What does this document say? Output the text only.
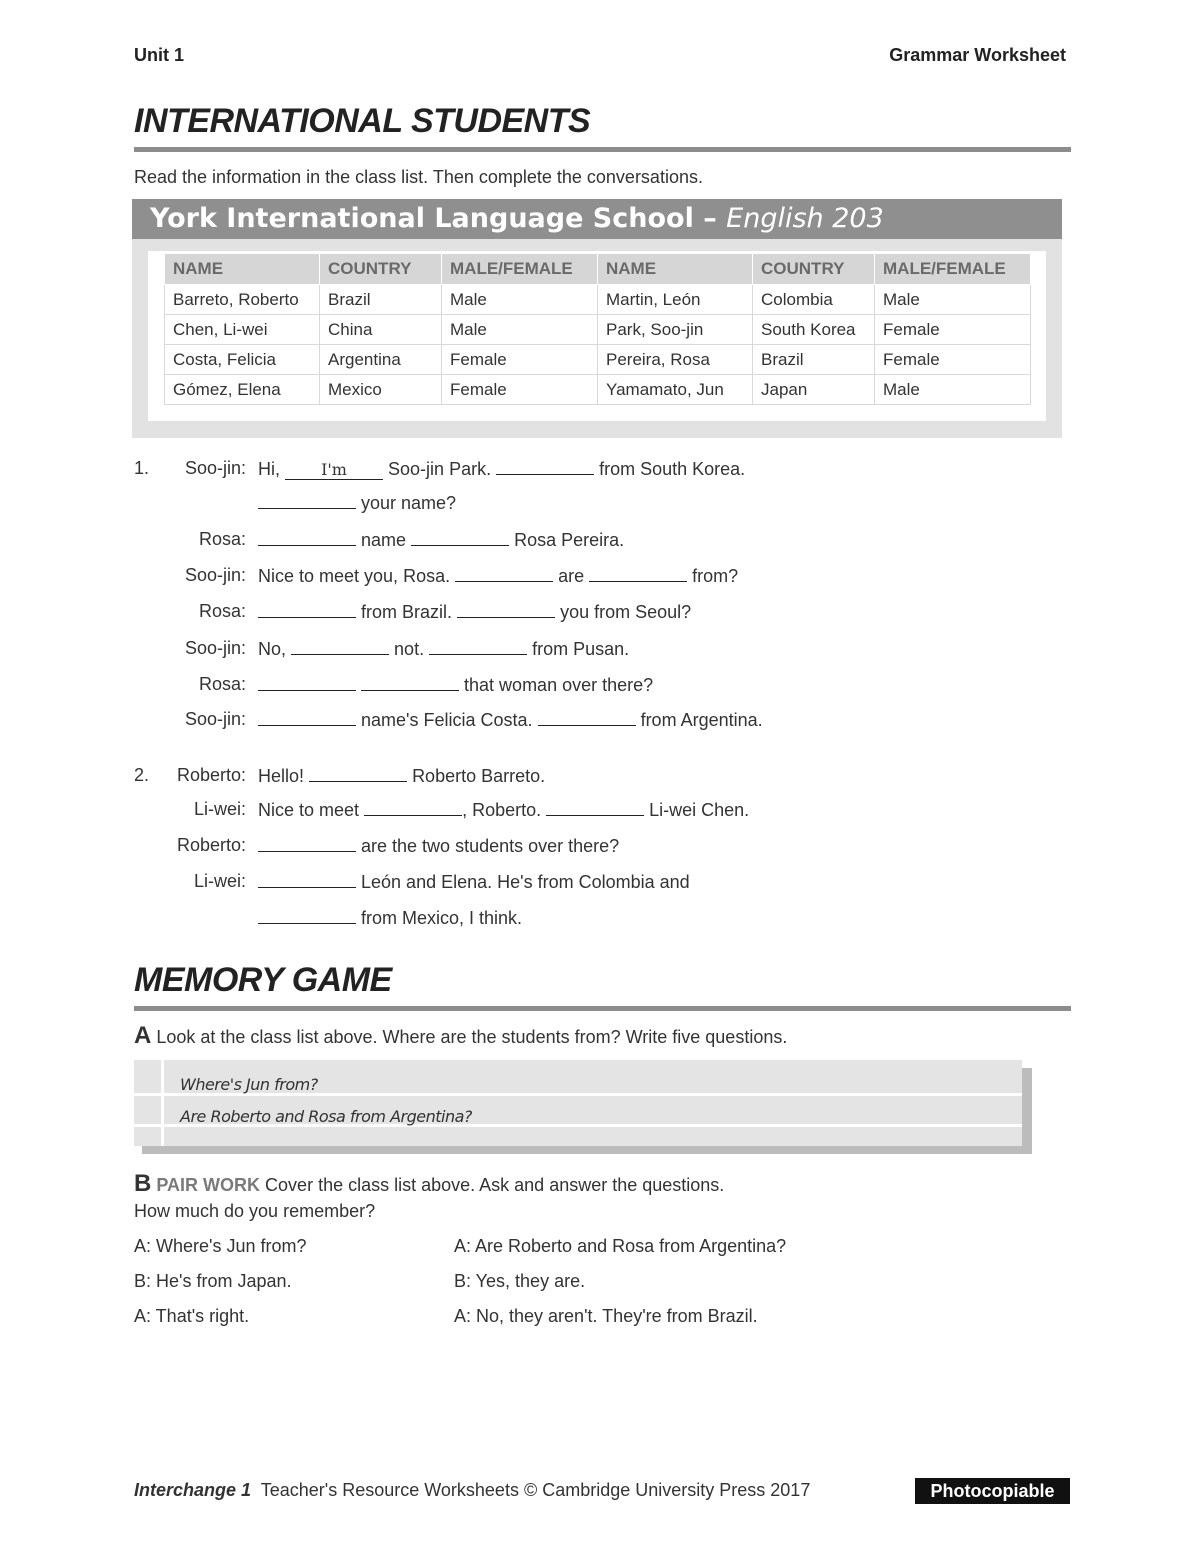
Unit 1	Grammar Worksheet
INTERNATIONAL STUDENTS
Read the information in the class list. Then complete the conversations.
York International Language School – English 203
NAME	COUNTRY	MALE/FEMALE	NAME	COUNTRY	MALE/FEMALE
Barreto, Roberto	Brazil	Male	Martin, León	Colombia	Male
Chen, Li-wei	China	Male	Park, Soo-jin	South Korea	Female
Costa, Felicia	Argentina	Female	Pereira, Rosa	Brazil	Female
Gómez, Elena	Mexico	Female	Yamamato, Jun	Japan	Male
1.	Soo-jin: Hi,	I'm Soo-jin Park.	from South Korea.
your name?
Rosa:	name	Rosa Pereira.
Soo-jin: Nice to meet you, Rosa.	are	from?
Rosa:	from Brazil.	you from Seoul?
Soo-jin: No,	not.	from Pusan.
Rosa:	that woman over there?
Soo-jin:	name's Felicia Costa.	from Argentina.
2.	Roberto: Hello!	Roberto Barreto.
Li-wei: Nice to meet	, Roberto.	Li-wei Chen.
Roberto:	are the two students over there?
Li-wei:	León and Elena. He's from Colombia and
from Mexico, I think.
MEMORY GAME
A Look at the class list above. Where are the students from? Write five questions.
Where's Jun from?
Are Roberto and Rosa from Argentina?
B PAIR WORK Cover the class list above. Ask and answer the questions.
How much do you remember?
A: Where's Jun from?
B: He's from Japan.
A: That's right.
A: Are Roberto and Rosa from Argentina?
B: Yes, they are.
A: No, they aren't. They're from Brazil.
Interchange 1 Teacher's Resource Worksheets © Cambridge University Press 2017	Photocopiable
